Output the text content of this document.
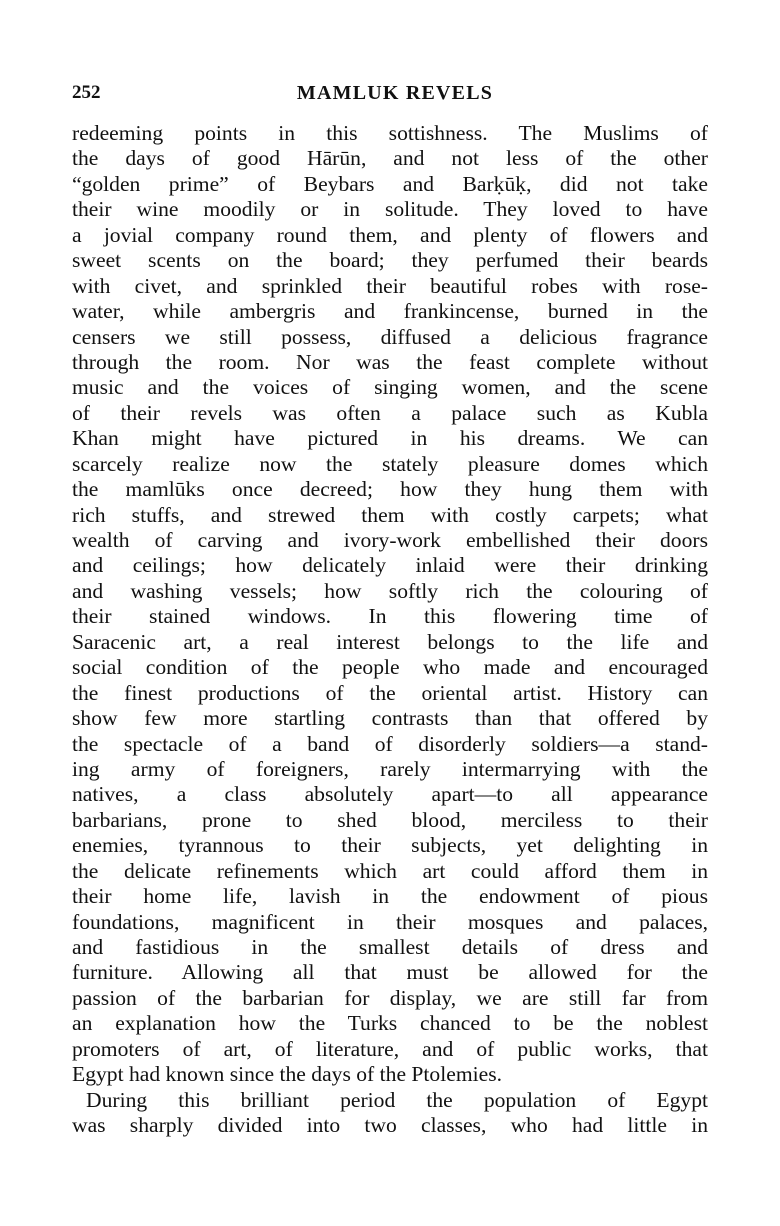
252	MAMLUK REVELS
redeeming points in this sottishness. The Muslims of
the days of good Hārūn, and not less of the other
“golden prime” of Beybars and Barḳūḳ, did not take
their wine moodily or in solitude. They loved to have
a jovial company round them, and plenty of flowers and
sweet scents on the board; they perfumed their beards
with civet, and sprinkled their beautiful robes with rose-
water, while ambergris and frankincense, burned in the
censers we still possess, diffused a delicious fragrance
through the room. Nor was the feast complete without
music and the voices of singing women, and the scene
of their revels was often a palace such as Kubla
Khan might have pictured in his dreams. We can
scarcely realize now the stately pleasure domes which
the mamlūks once decreed; how they hung them with
rich stuffs, and strewed them with costly carpets; what
wealth of carving and ivory-work embellished their doors
and ceilings; how delicately inlaid were their drinking
and washing vessels; how softly rich the colouring of
their stained windows. In this flowering time of
Saracenic art, a real interest belongs to the life and
social condition of the people who made and encouraged
the finest productions of the oriental artist. History can
show few more startling contrasts than that offered by
the spectacle of a band of disorderly soldiers—a stand-
ing army of foreigners, rarely intermarrying with the
natives, a class absolutely apart—to all appearance
barbarians, prone to shed blood, merciless to their
enemies, tyrannous to their subjects, yet delighting in
the delicate refinements which art could afford them in
their home life, lavish in the endowment of pious
foundations, magnificent in their mosques and palaces,
and fastidious in the smallest details of dress and
furniture. Allowing all that must be allowed for the
passion of the barbarian for display, we are still far from
an explanation how the Turks chanced to be the noblest
promoters of art, of literature, and of public works, that
Egypt had known since the days of the Ptolemies.
During this brilliant period the population of Egypt
was sharply divided into two classes, who had little in
